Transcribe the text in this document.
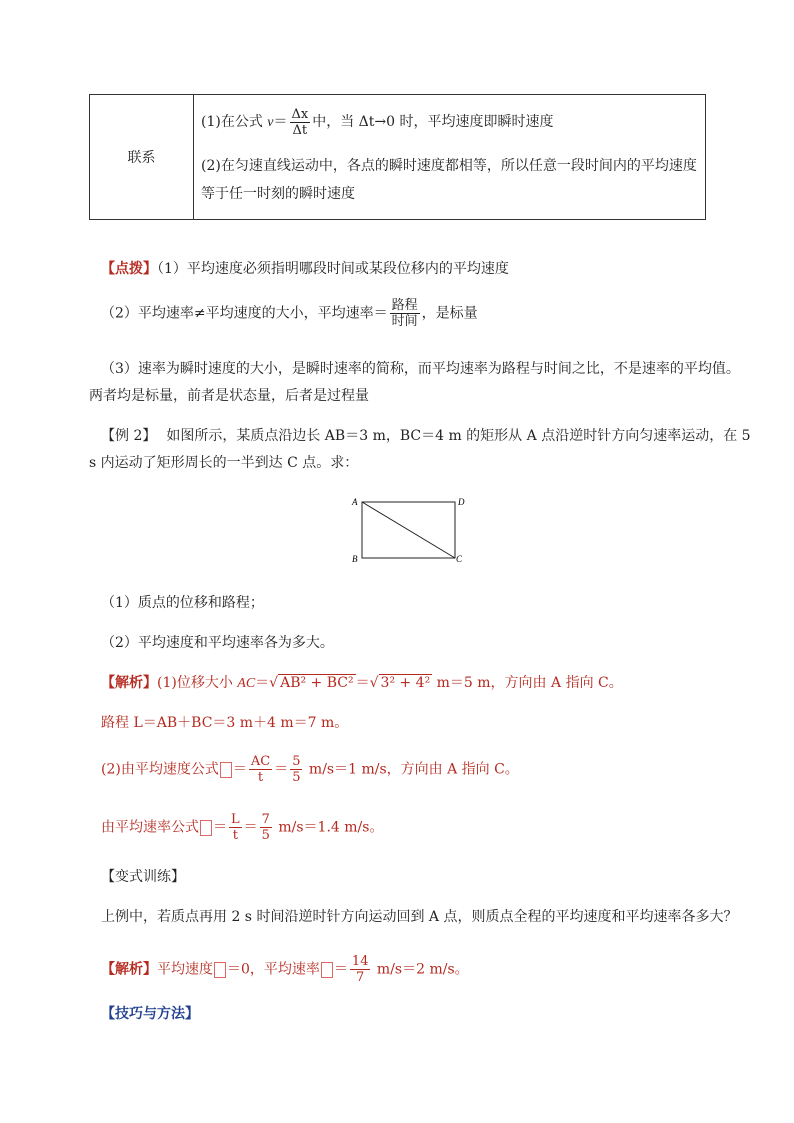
联系	
(1)在公式 $v= \frac{\Delta x}{\Delta t}$ 中，当 Δt→0 时，平均速度即瞬时速度
(2)在匀速直线运动中，各点的瞬时速度都相等，所以任意一段时间内的平均速度
等于任一时刻的瞬时速度
【点拨】（1）平均速度必须指明哪段时间或某段位移内的平均速度
（2）平均速率≠平均速度的大小，平均速率＝ $\frac{\text{路程}}{\text{时间}}$ ，是标量
（3）速率为瞬时速度的大小，是瞬时速率的简称，而平均速率为路程与时间之比，不是速率的平均值。
两者均是标量，前者是状态量，后者是过程量
【例 2】 如图所示，某质点沿边长 AB＝3 m，BC＝4 m 的矩形从 A 点沿逆时针方向匀速率运动，在 5
s 内运动了矩形周长的一半到达 C 点。求：
A
B	C
D
（1）质点的位移和路程；
（2）平均速度和平均速率各为多大。
【解析】(1)位移大小 AC＝√ AB² + BC² ＝√ 3² + 4² m＝5 m，方向由 A 指向 C。
路程 L＝AB＋BC＝3 m＋4 m＝7 m。
(2)由平均速度公式 ＝ $\frac{AC}{t} = \frac{5}{5} m/s=1$ m/s，方向由 A 指向 C。
由平均速率公式 ＝ $\frac{L}{t} = \frac{7}{5} m/s=1.4$ m/s。
【变式训练】
上例中，若质点再用 2 s 时间沿逆时针方向运动回到 A 点，则质点全程的平均速度和平均速率各多大？
【解析】平均速度 ＝0，平均速率 ＝ $\frac{14}{7} m/s=2$ m/s。
【技巧与方法】
